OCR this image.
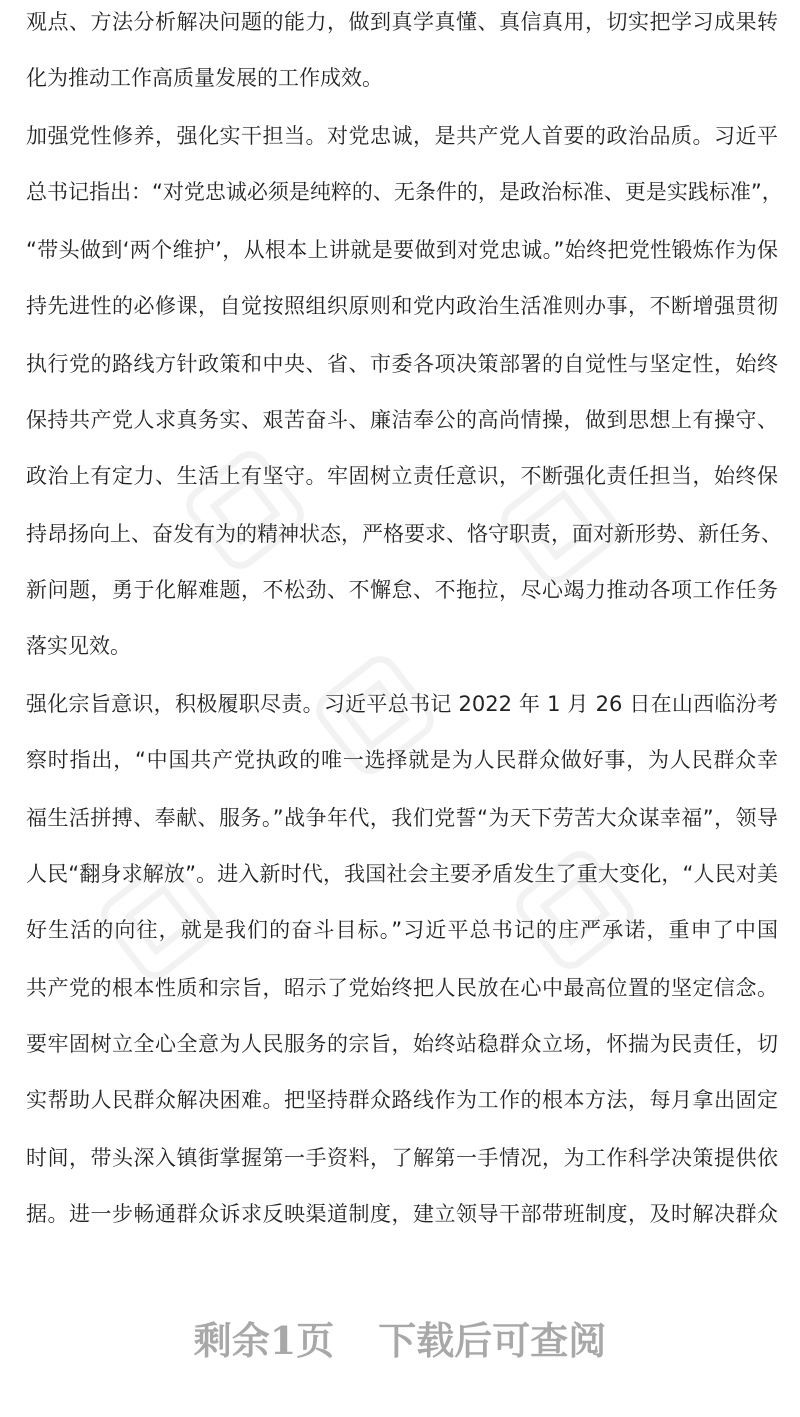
观点、方法分析解决问题的能力，做到真学真懂、真信真用，切实把学习成果转
化为推动工作高质量发展的工作成效。
加强党性修养，强化实干担当。对党忠诚，是共产党人首要的政治品质。习近平
总书记指出：“对党忠诚必须是纯粹的、无条件的，是政治标准、更是实践标准”，
“带头做到‘两个维护’，从根本上讲就是要做到对党忠诚。”始终把党性锻炼作为保
持先进性的必修课，自觉按照组织原则和党内政治生活准则办事，不断增强贯彻
执行党的路线方针政策和中央、省、市委各项决策部署的自觉性与坚定性，始终
保持共产党人求真务实、艰苦奋斗、廉洁奉公的高尚情操，做到思想上有操守、
政治上有定力、生活上有坚守。牢固树立责任意识，不断强化责任担当，始终保
持昂扬向上、奋发有为的精神状态，严格要求、恪守职责，面对新形势、新任务、
新问题，勇于化解难题，不松劲、不懈怠、不拖拉，尽心竭力推动各项工作任务
落实见效。
强化宗旨意识，积极履职尽责。习近平总书记 2022 年 1 月 26 日在山西临汾考
察时指出，“中国共产党执政的唯一选择就是为人民群众做好事，为人民群众幸
福生活拼搏、奉献、服务。”战争年代，我们党誓“为天下劳苦大众谋幸福”，领导
人民“翻身求解放”。进入新时代，我国社会主要矛盾发生了重大变化，“人民对美
好生活的向往，就是我们的奋斗目标。”习近平总书记的庄严承诺，重申了中国
共产党的根本性质和宗旨，昭示了党始终把人民放在心中最高位置的坚定信念。
要牢固树立全心全意为人民服务的宗旨，始终站稳群众立场，怀揣为民责任，切
实帮助人民群众解决困难。把坚持群众路线作为工作的根本方法，每月拿出固定
时间，带头深入镇街掌握第一手资料，了解第一手情况，为工作科学决策提供依
据。进一步畅通群众诉求反映渠道制度，建立领导干部带班制度，及时解决群众
剩余1页 下载后可查阅
